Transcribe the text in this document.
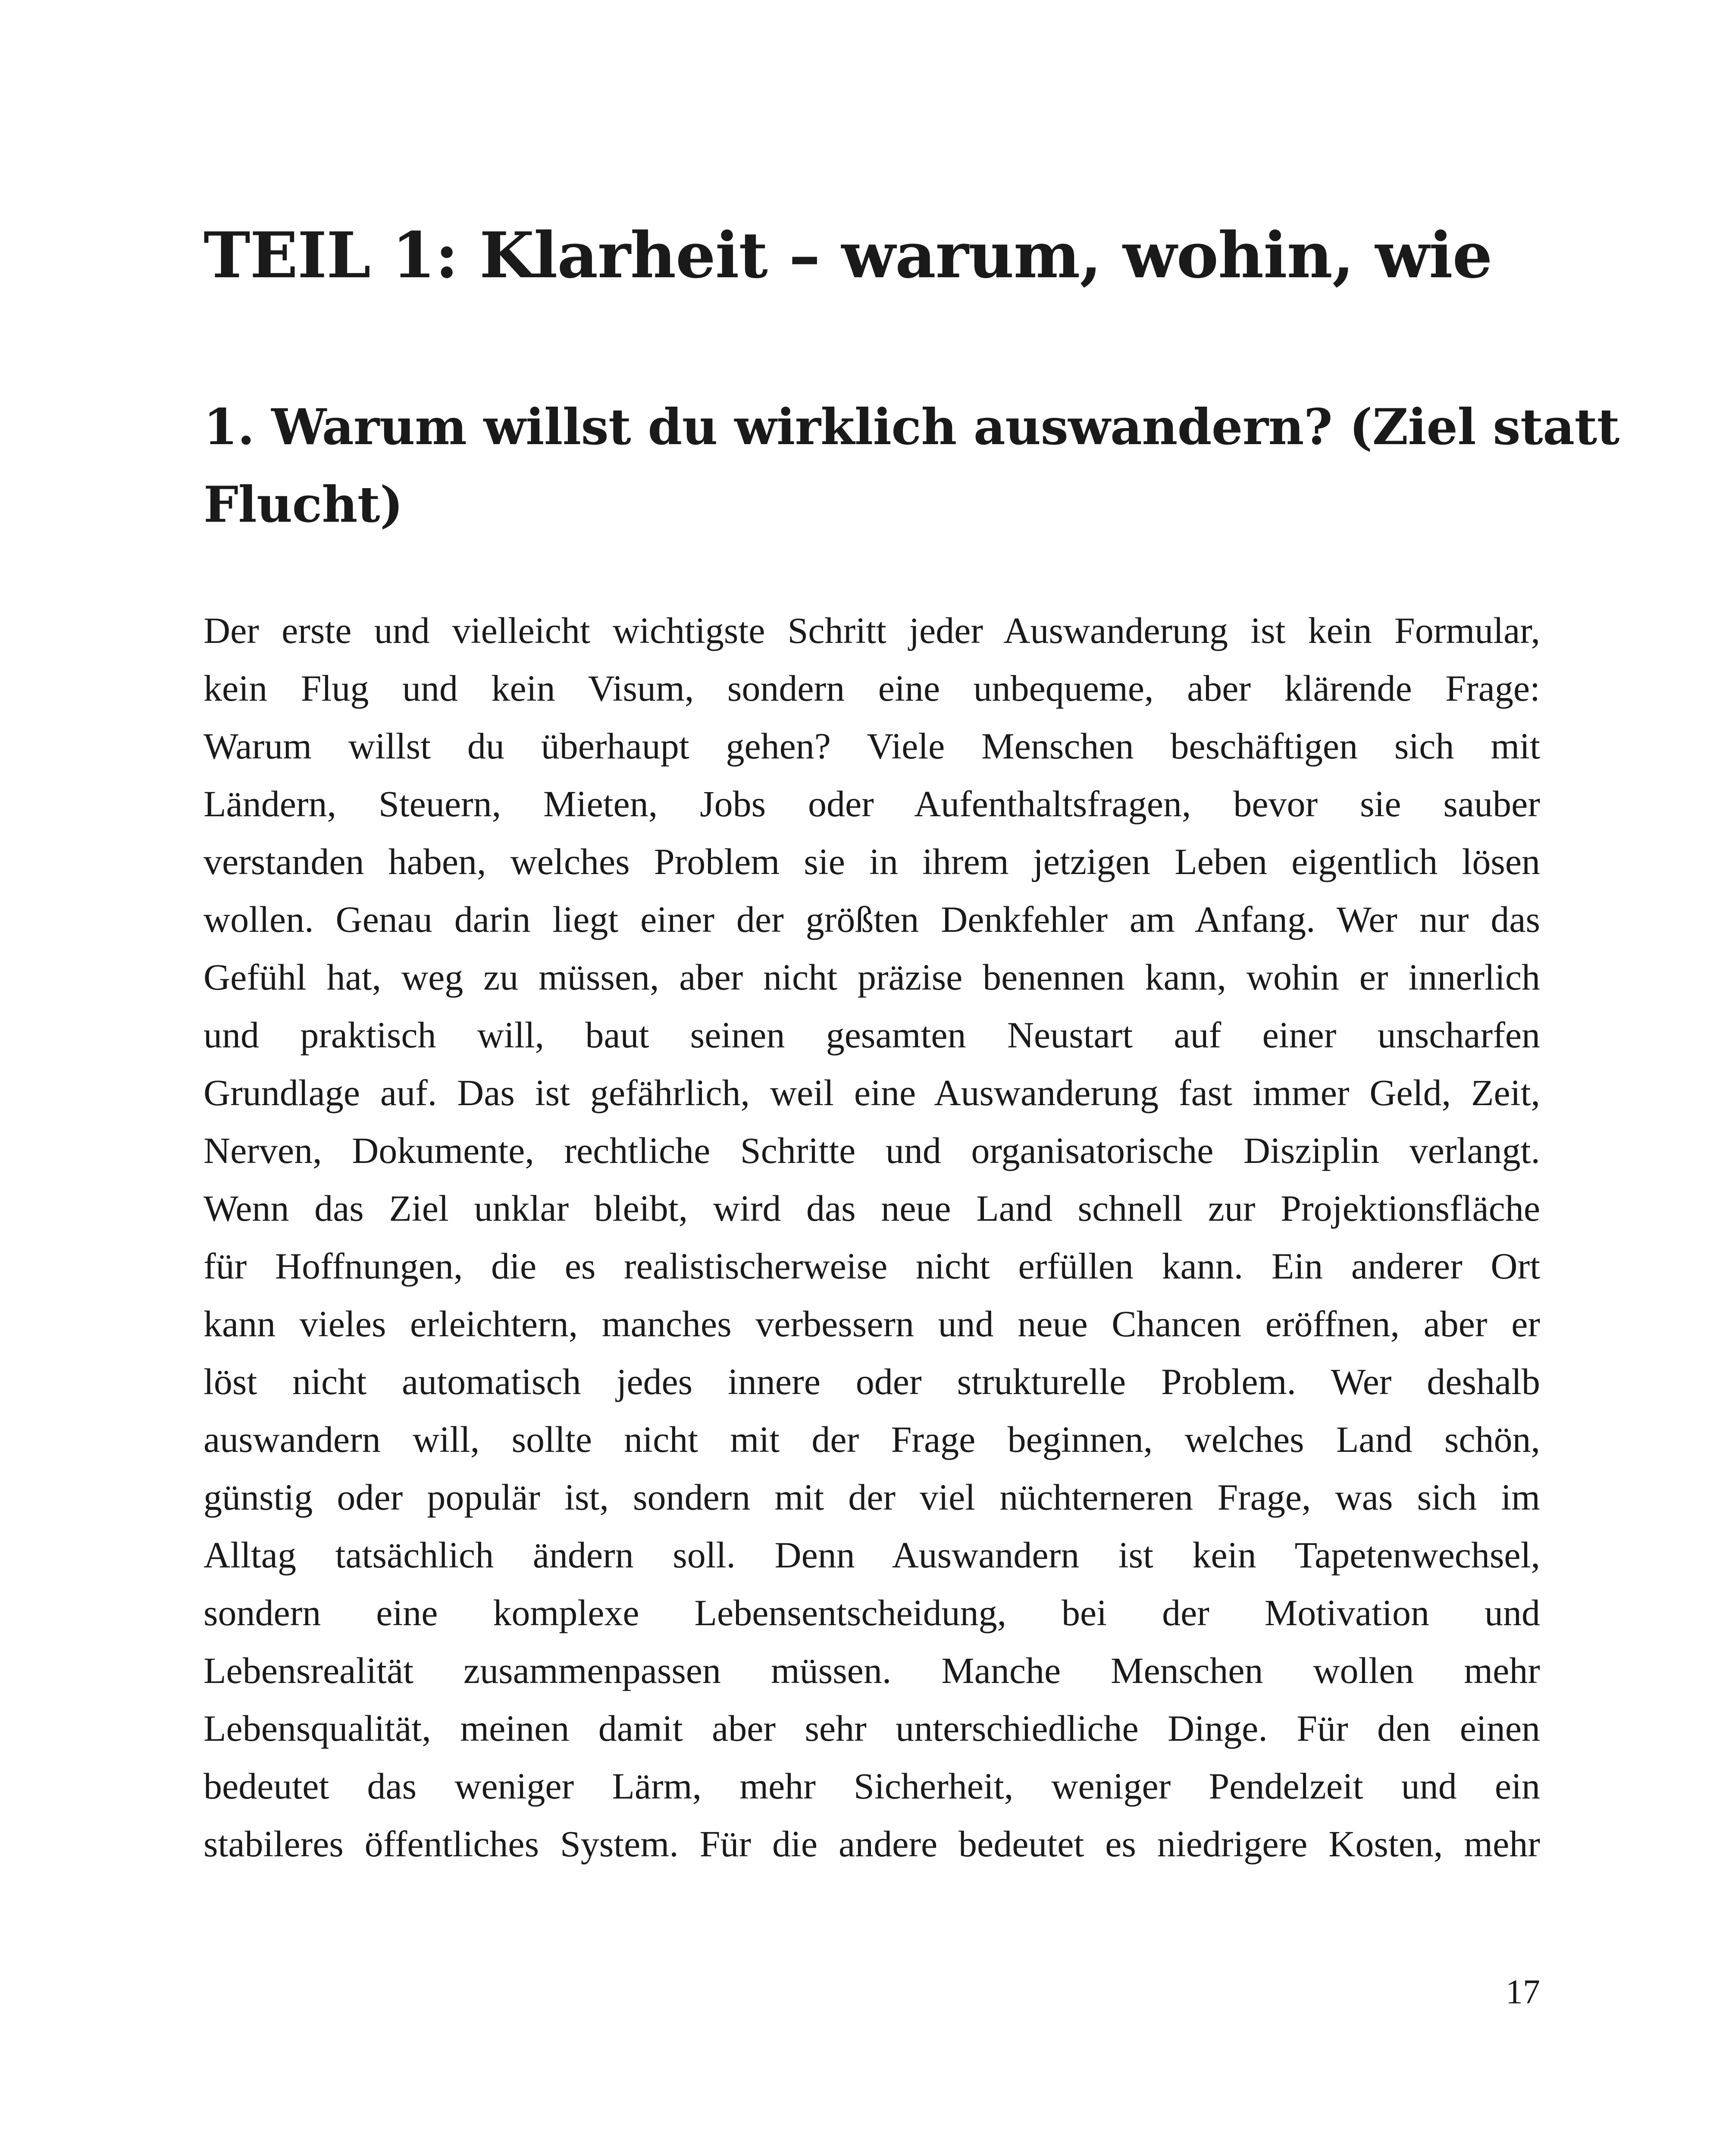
TEIL 1: Klarheit – warum, wohin, wie
1. Warum willst du wirklich auswandern? (Ziel statt
Flucht)
Der erste und vielleicht wichtigste Schritt jeder Auswanderung ist kein Formular,
kein Flug und kein Visum, sondern eine unbequeme, aber klärende Frage:
Warum willst du überhaupt gehen? Viele Menschen beschäftigen sich mit
Ländern, Steuern, Mieten, Jobs oder Aufenthaltsfragen, bevor sie sauber
verstanden haben, welches Problem sie in ihrem jetzigen Leben eigentlich lösen
wollen. Genau darin liegt einer der größten Denkfehler am Anfang. Wer nur das
Gefühl hat, weg zu müssen, aber nicht präzise benennen kann, wohin er innerlich
und praktisch will, baut seinen gesamten Neustart auf einer unscharfen
Grundlage auf. Das ist gefährlich, weil eine Auswanderung fast immer Geld, Zeit,
Nerven, Dokumente, rechtliche Schritte und organisatorische Disziplin verlangt.
Wenn das Ziel unklar bleibt, wird das neue Land schnell zur Projektionsfläche
für Hoffnungen, die es realistischerweise nicht erfüllen kann. Ein anderer Ort
kann vieles erleichtern, manches verbessern und neue Chancen eröffnen, aber er
löst nicht automatisch jedes innere oder strukturelle Problem. Wer deshalb
auswandern will, sollte nicht mit der Frage beginnen, welches Land schön,
günstig oder populär ist, sondern mit der viel nüchterneren Frage, was sich im
Alltag tatsächlich ändern soll. Denn Auswandern ist kein Tapetenwechsel,
sondern eine komplexe Lebensentscheidung, bei der Motivation und
Lebensrealität zusammenpassen müssen. Manche Menschen wollen mehr
Lebensqualität, meinen damit aber sehr unterschiedliche Dinge. Für den einen
bedeutet das weniger Lärm, mehr Sicherheit, weniger Pendelzeit und ein
stabileres öffentliches System. Für die andere bedeutet es niedrigere Kosten, mehr
17
